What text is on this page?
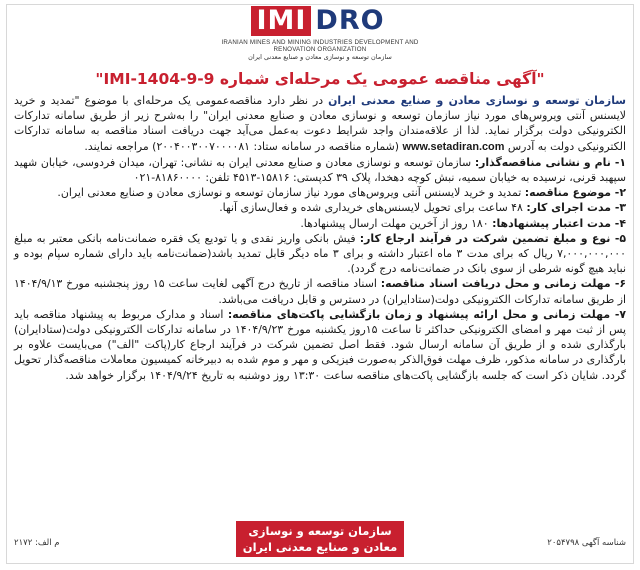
IMI DRO
IRANIAN MINES AND MINING INDUSTRIES DEVELOPMENT AND RENOVATION ORGANIZATION
سازمان توسعه و نوسازی معادن و صنایع معدنی ایران
"آگهی مناقصه عمومی یک مرحله‌ای شماره IMI-1404-9-9"

سازمان توسعه و نوسازی معادن و صنایع معدنی ایران در نظر دارد مناقصه‌عمومی یک مرحله‌ای با موضوع "تمدید و خرید لایسنس آنتی ویروس‌های مورد نیاز سازمان توسعه و نوسازی معادن و صنایع معدنی ایران" را به‌شرح زیر از طریق سامانه تدارکات الکترونیکی دولت برگزار نماید. لذا از علاقه‌مندان واجد شرایط دعوت به‌عمل می‌آید جهت دریافت اسناد مناقصه به سامانه تدارکات الکترونیکی دولت به آدرس www.setadiran.com (شماره مناقصه در سامانه ستاد: ۲۰۰۴۰۰۳۰۰۷۰۰۰۰۸۱) مراجعه نمایند.

۱- نام و نشانی مناقصه‌گذار: سازمان توسعه و نوسازی معادن و صنایع معدنی ایران به نشانی: تهران، میدان فردوسی، خیابان شهید سپهبد قرنی، نرسیده به خیابان سمیه، نبش کوچه دهخدا، پلاک ۳۹ کدپستی: ۱۵۸۱۶-۴۵۱۳ تلفن: ۸۱۸۶۰۰۰۰-۰۲۱

۲- موضوع مناقصه: تمدید و خرید لایسنس آنتی ویروس‌های مورد نیاز سازمان توسعه و نوسازی معادن و صنایع معدنی ایران.

۳- مدت اجرای کار: ۴۸ ساعت برای تحویل لایسنس‌های خریداری شده و فعال‌سازی آنها.

۴- مدت اعتبار پیشنهادها: ۱۸۰ روز از آخرین مهلت ارسال پیشنهادها.

۵- نوع و مبلغ تضمین شرکت در فرآیند ارجاع کار: فیش بانکی واریز نقدی و یا تودیع یک فقره ضمانت‌نامه بانکی معتبر به مبلغ ۷,۰۰۰,۰۰۰,۰۰۰ ریال که برای مدت ۳ ماه اعتبار داشته و برای ۳ ماه دیگر قابل تمدید باشد(ضمانت‌نامه باید دارای شماره سپام بوده و نباید هیچ گونه شرطی از سوی بانک در ضمانت‌نامه درج گردد).

۶- مهلت زمانی و محل دریافت اسناد مناقصه: اسناد مناقصه از تاریخ درج آگهی لغایت ساعت ۱۵ روز پنجشنبه مورخ ۱۴۰۴/۹/۱۳ از طریق سامانه تدارکات الکترونیکی دولت(ستادایران) در دسترس و قابل دریافت می‌باشد.

۷- مهلت زمانی و محل ارائه پیشنهاد و زمان بازگشایی پاکت‌های مناقصه: اسناد و مدارک مربوط به پیشنهاد مناقصه باید پس از ثبت مهر و امضای الکترونیکی حداکثر تا ساعت ۱۵روز یکشنبه مورخ ۱۴۰۴/۹/۲۳ در سامانه تدارکات الکترونیکی دولت(ستادایران) بارگذاری شده و از طریق آن سامانه ارسال شود. فقط اصل تضمین شرکت در فرآیند ارجاع کار(پاکت "الف") می‌بایست علاوه بر بارگذاری در سامانه مذکور، ظرف مهلت فوق‌الذکر به‌صورت فیزیکی و مهر و موم شده به دبیرخانه کمیسیون معاملات مناقصه‌گذار تحویل گردد. شایان ذکر است که جلسه بازگشایی پاکت‌های مناقصه ساعت ۱۳:۳۰ روز دوشنبه به تاریخ ۱۴۰۴/۹/۲۴ برگزار خواهد شد.

سازمان توسعه و نوسازی
معادن و صنایع معدنی ایران	شناسه آگهی ۲۰۵۴۷۹۸
م الف: ۲۱۷۲
